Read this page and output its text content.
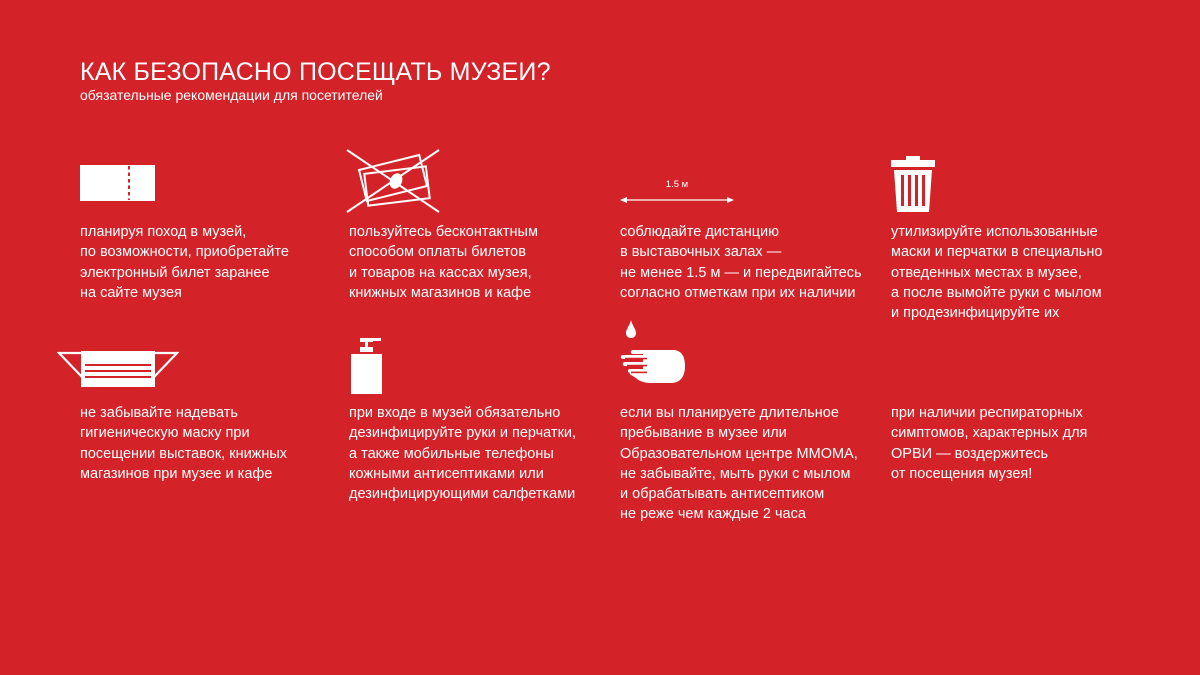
КАК БЕЗОПАСНО ПОСЕЩАТЬ МУЗЕИ?

обязательные рекомендации для посетителей

планируя поход в музей,
по возможности, приобретайте
электронный билет заранее
на сайте музея
пользуйтесь бесконтактным
способом оплаты билетов
и товаров на кассах музея,
книжных магазинов и кафе
1.5 м
соблюдайте дистанцию
в выставочных залах —
не менее 1.5 м — и передвигайтесь
согласно отметкам при их наличии
утилизируйте использованные
маски и перчатки в специально
отведенных местах в музее,
а после вымойте руки с мылом
и продезинфицируйте их
не забывайте надевать
гигиеническую маску при
посещении выставок, книжных
магазинов при музее и кафе
при входе в музей обязательно
дезинфицируйте руки и перчатки,
а также мобильные телефоны
кожными антисептиками или
дезинфицирующими салфетками
если вы планируете длительное
пребывание в музее или
Образовательном центре ММОМА,
не забывайте, мыть руки с мылом
и обрабатывать антисептиком
не реже чем каждые 2 часа
при наличии респираторных
симптомов, характерных для
ОРВИ — воздержитесь
от посещения музея!
